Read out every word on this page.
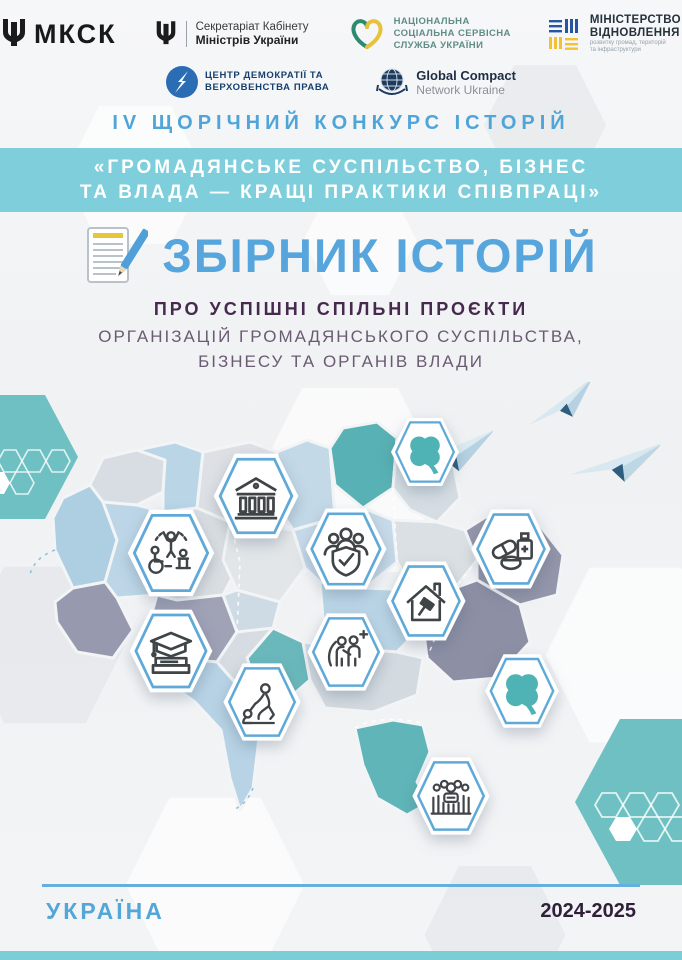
МКСК	Секретаріат Кабінету
Міністрів України
НАЦІОНАЛЬНА
СОЦІАЛЬНА СЕРВІСНА
СЛУЖБА УКРАЇНИ
МІНІСТЕРСТВО
ВІДНОВЛЕННЯ
розвитку громад, територій
та інфраструктури
ЦЕНТР ДЕМОКРАТІЇ ТА
ВЕРХОВЕНСТВА ПРАВА
Global Compact
Network Ukraine
IV ЩОРІЧНИЙ КОНКУРС ІСТОРІЙ
«ГРОМАДЯНСЬКЕ СУСПІЛЬСТВО, БІЗНЕС
ТА ВЛАДА — КРАЩІ ПРАКТИКИ СПІВПРАЦІ»
ЗБІРНИК ІСТОРІЙ
ПРО УСПІШНІ СПІЛЬНІ ПРОЄКТИ
ОРГАНІЗАЦІЙ ГРОМАДЯНСЬКОГО СУСПІЛЬСТВА,
БІЗНЕСУ ТА ОРГАНІВ ВЛАДИ
УКРАЇНА	2024-2025
